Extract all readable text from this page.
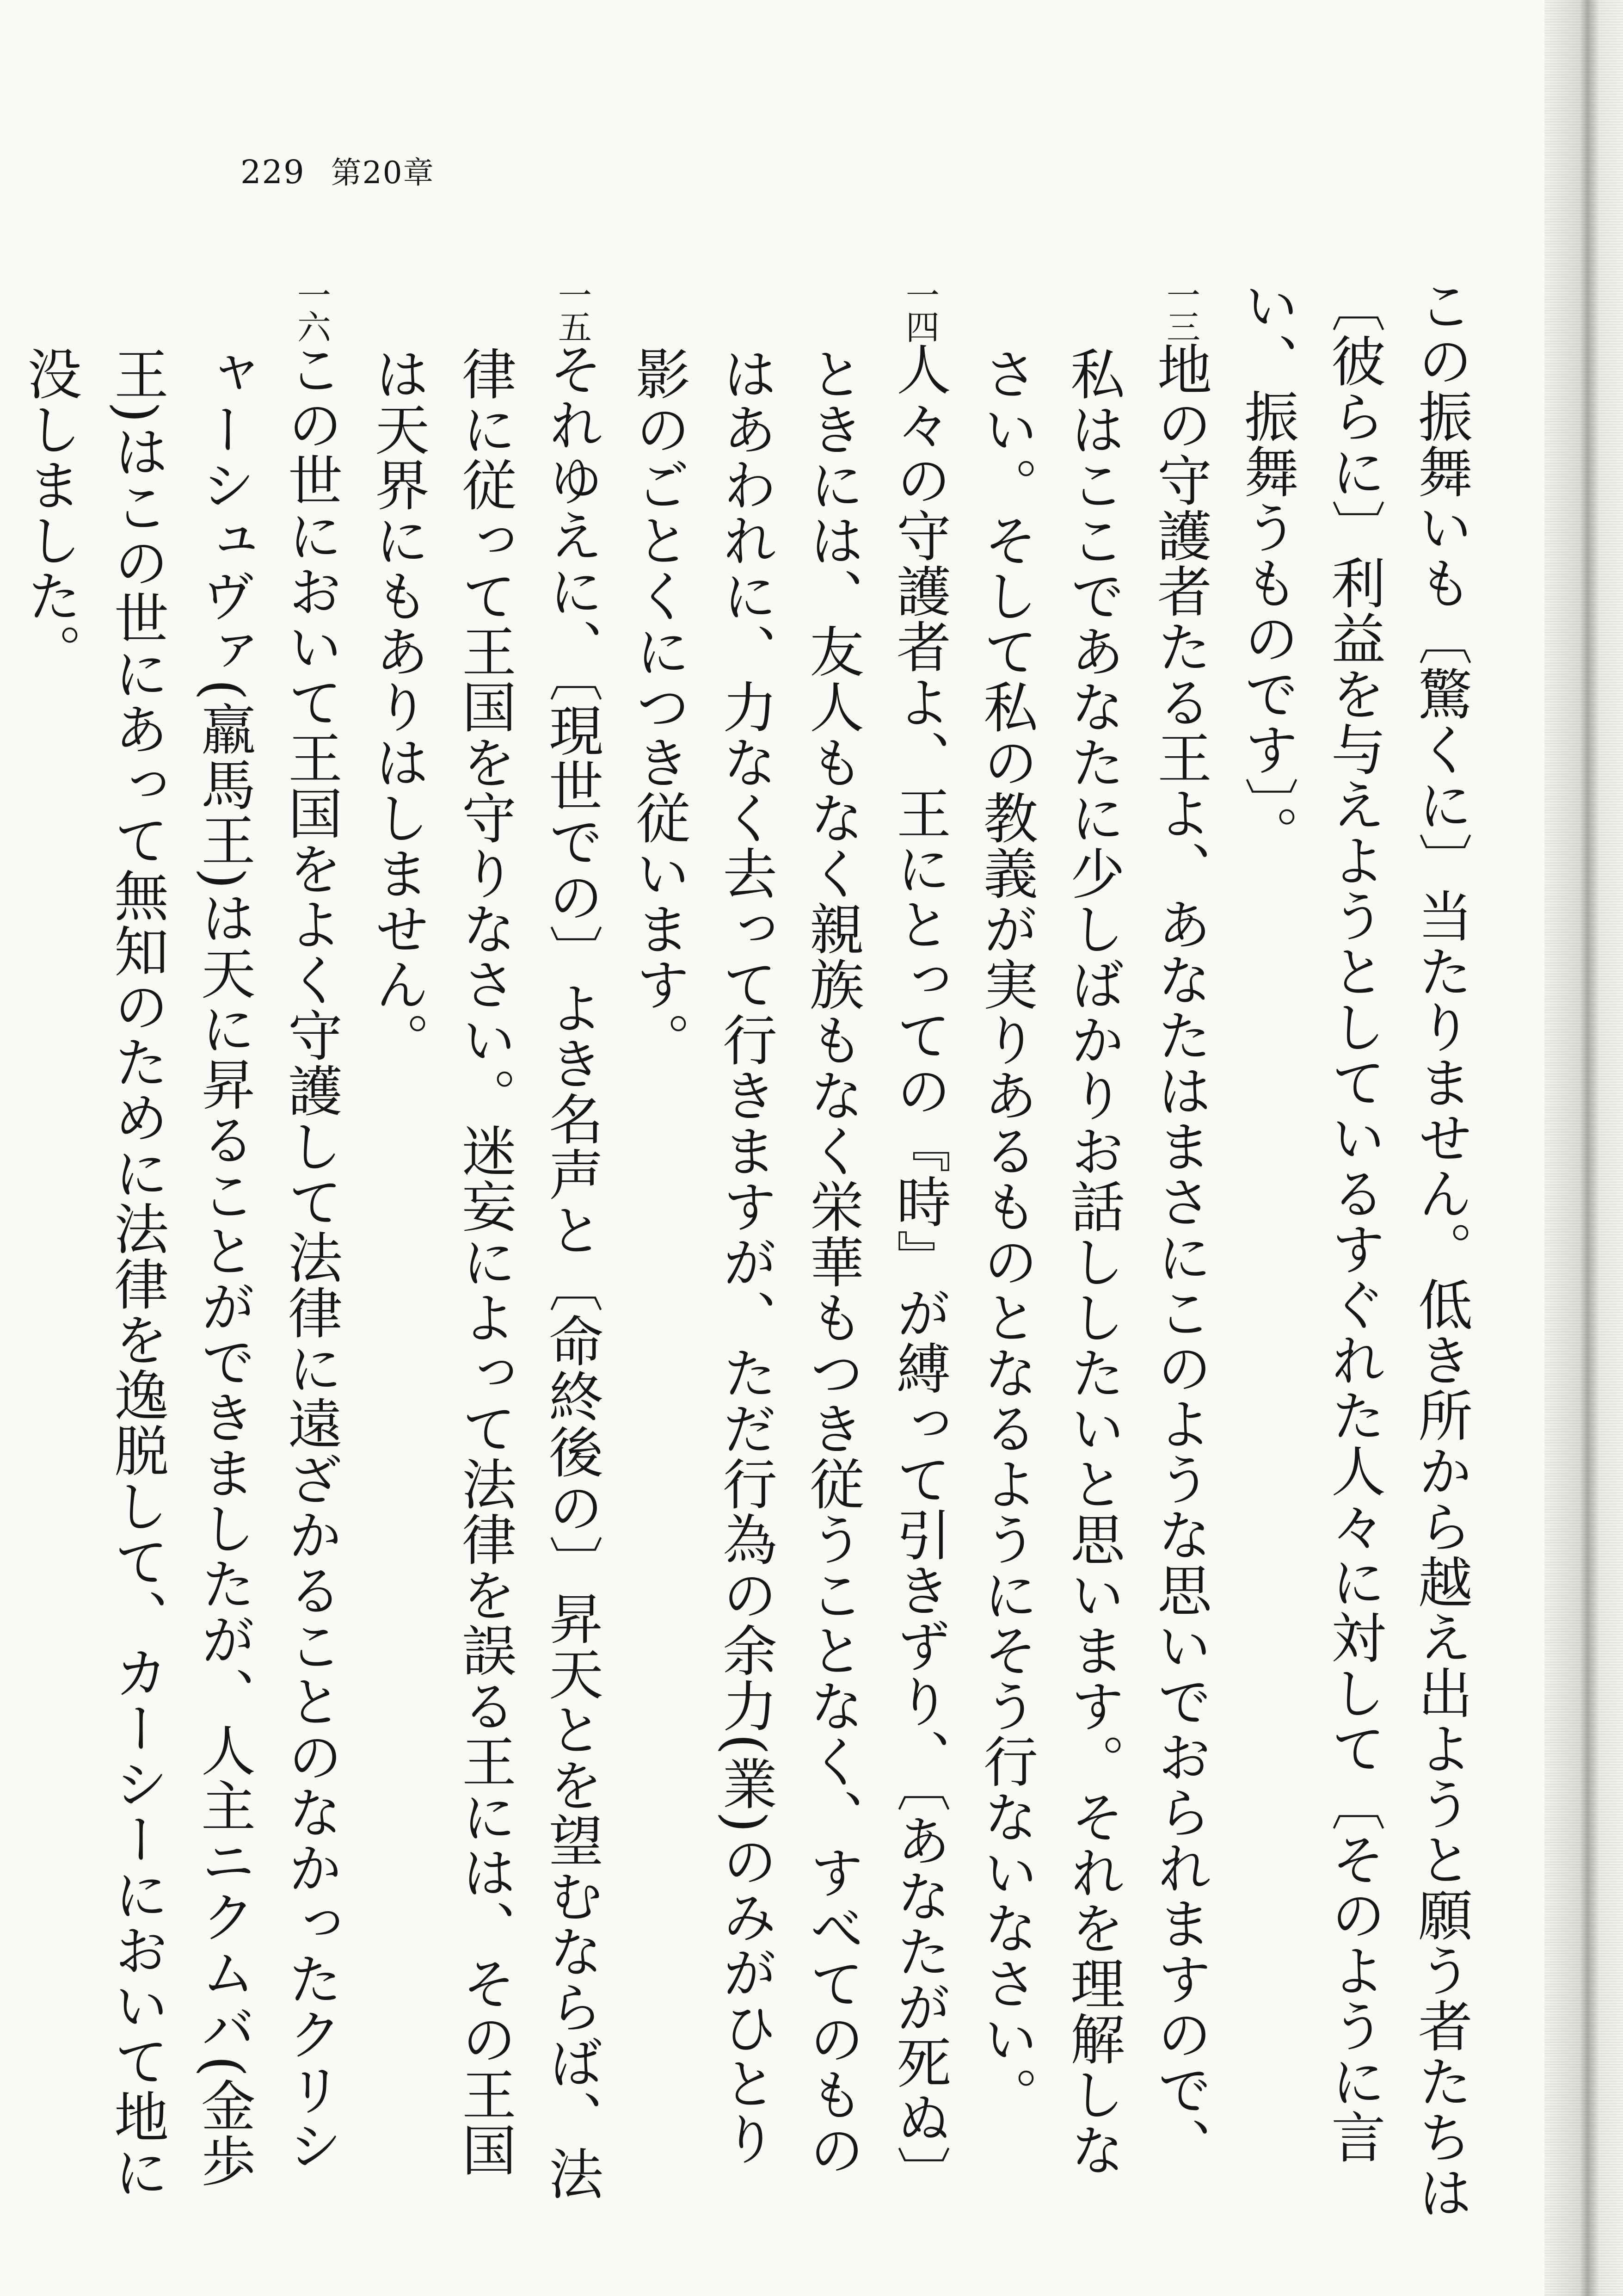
229 第20章

この振舞いも〔驚くに〕当たりません。低き所から越え出ようと願う者たちは〔彼らに〕利益を与えようとしているすぐれた人々に対して〔そのように言い、振舞うものです〕。

一三地の守護者たる王よ、あなたはまさにこのような思いでおられますので、私はここであなたに少しばかりお話ししたいと思います。それを理解しなさい。そして私の教義が実りあるものとなるようにそう行ないなさい。

一四人々の守護者よ、王にとっての『時』が縛って引きずり、〔あなたが死ぬ〕ときには、友人もなく親族もなく栄華もつき従うことなく、すべてのものはあわれに、力なく去って行きますが、ただ行為の余力(業)のみがひとり影のごとくにつき従います。

一五それゆえに、〔現世での〕よき名声と〔命終後の〕昇天とを望むならば、法律に従って王国を守りなさい。迷妄によって法律を誤る王には、その王国は天界にもありはしません。

一六この世において王国をよく守護して法律に遠ざかることのなかったクリシャーシュヴァ(羸馬王)は天に昇ることができましたが、人主ニクムバ(金歩王)はこの世にあって無知のために法律を逸脱して、カーシーにおいて地に没しました。
